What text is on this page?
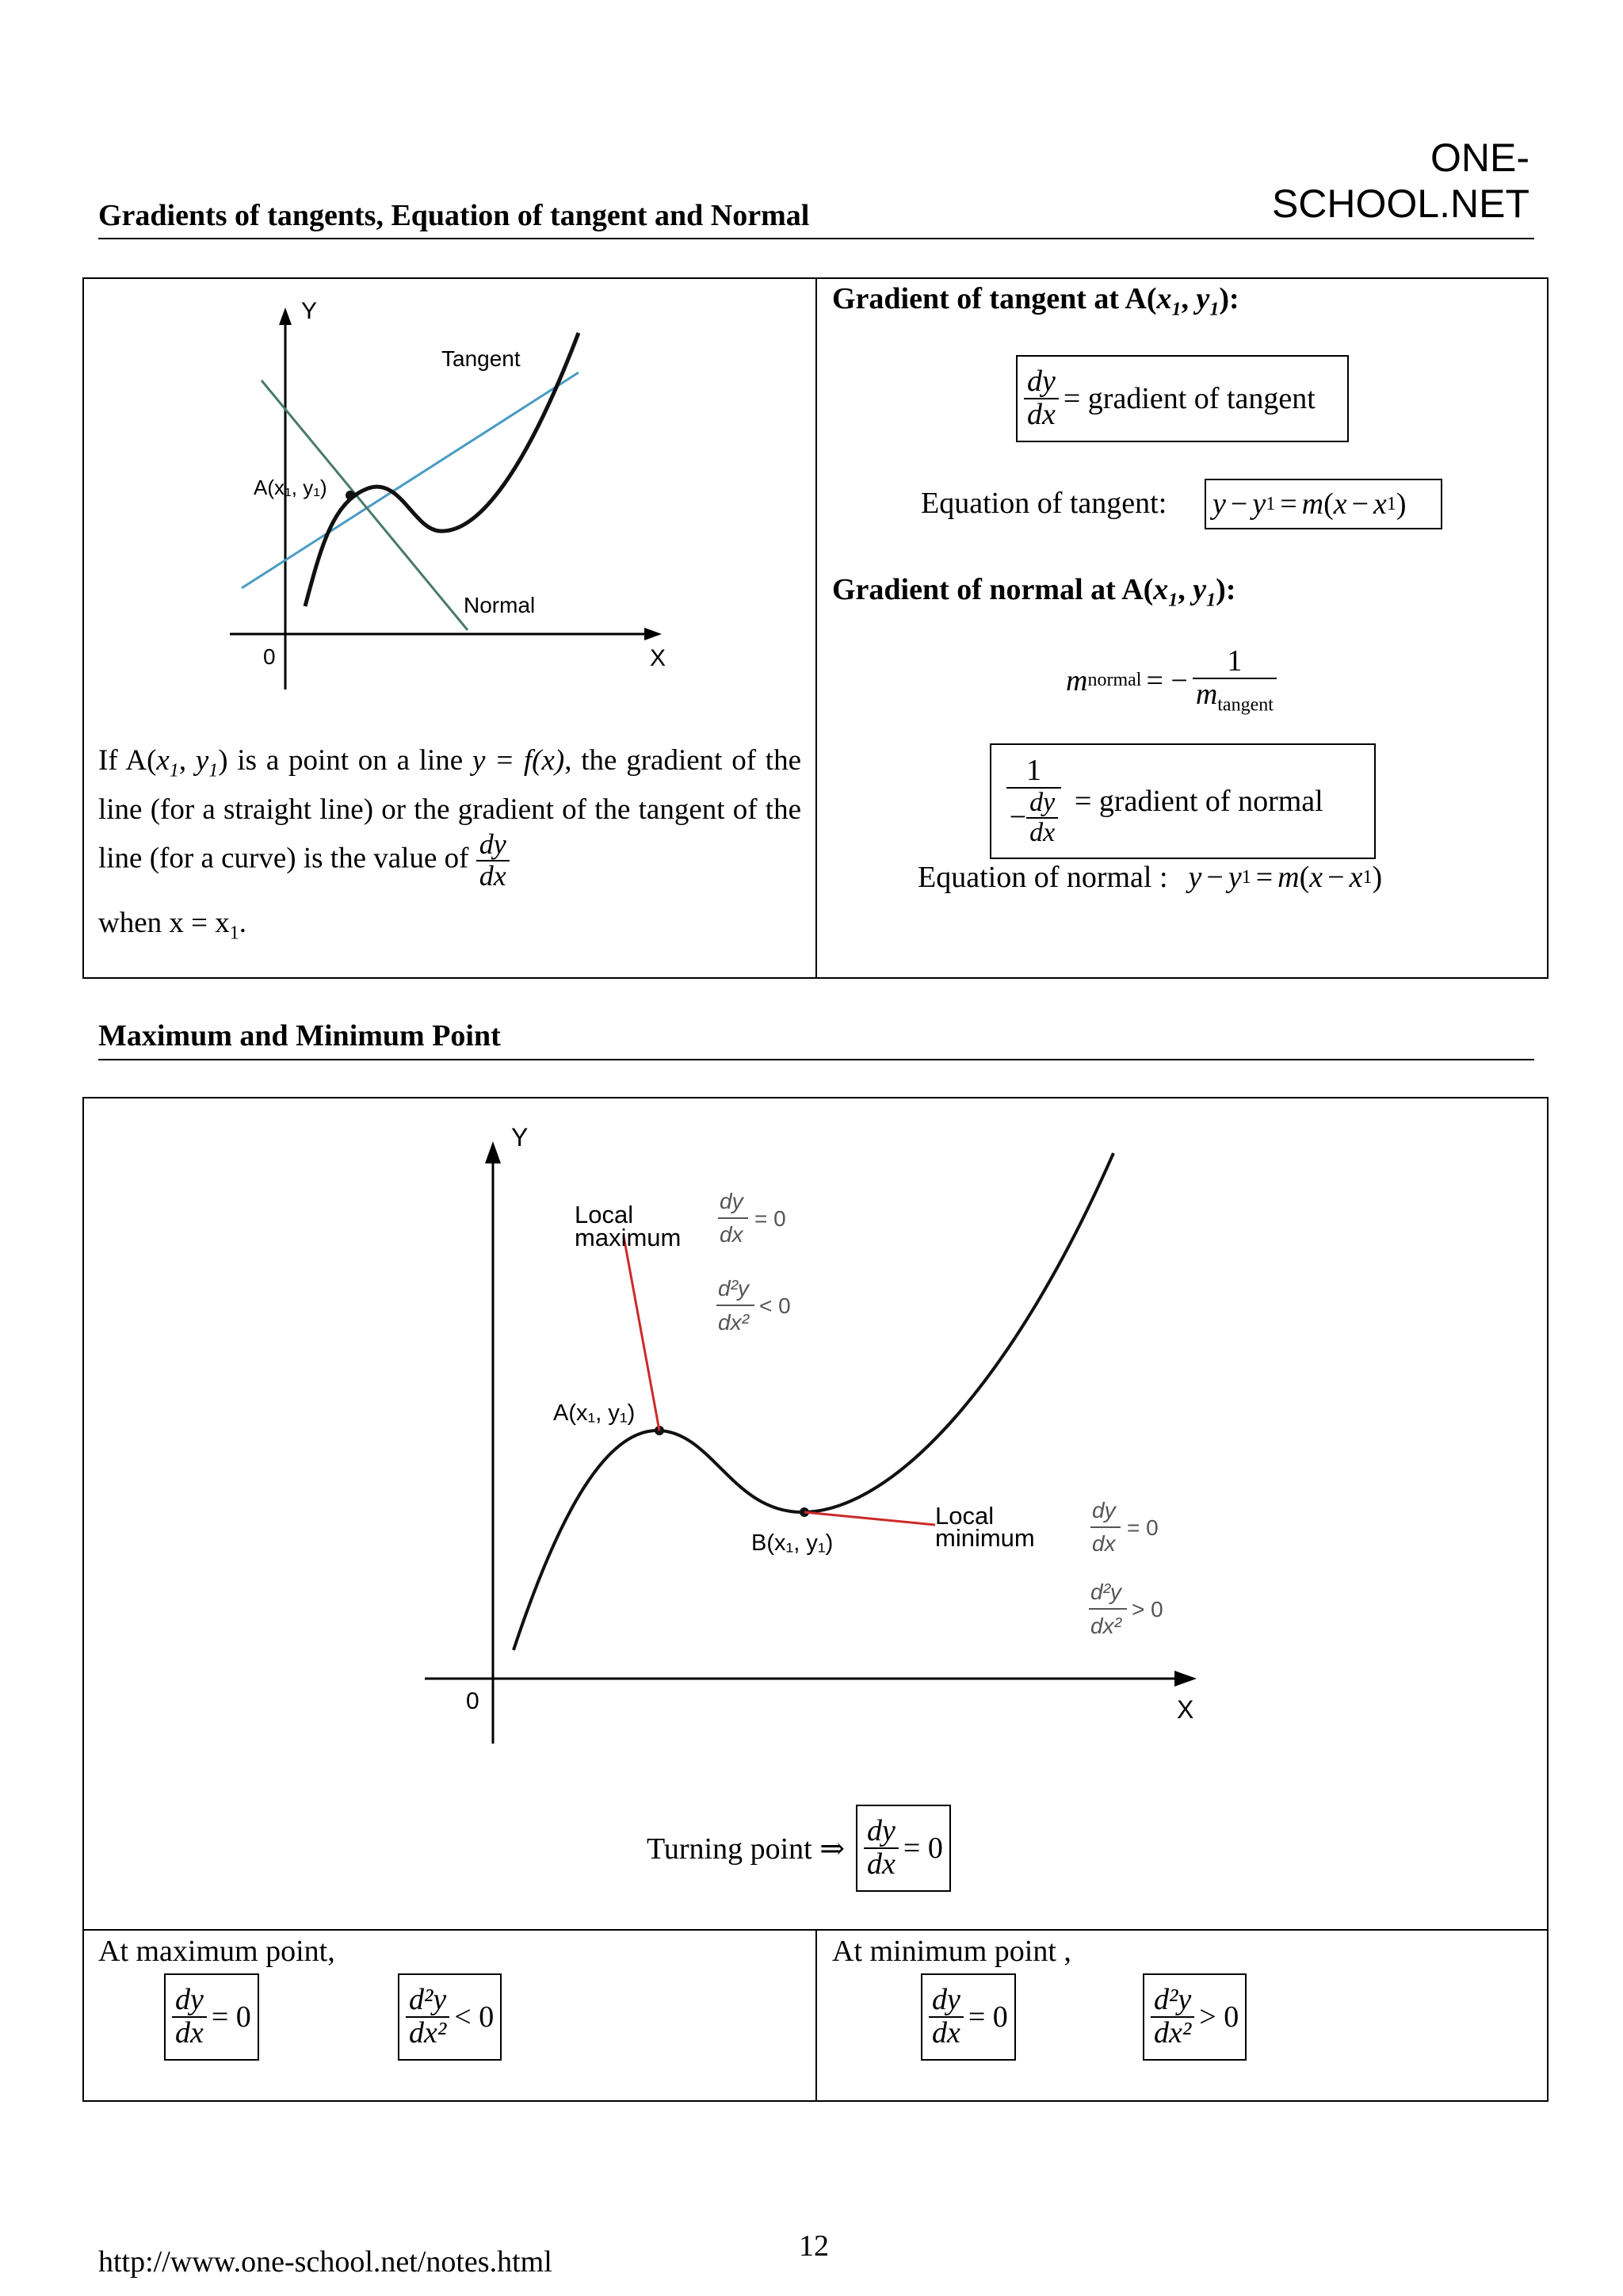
ONE-SCHOOL.NET
Gradients of tangents, Equation of tangent and Normal
Y
X
0
Tangent
Normal
A(x₁, y₁)
If $A(x_1$, $y_1$) is a point on a line y = f(x), the gradient of the line (for a straight line) or the gradient of the tangent of the line (for a curve) is the value of $\frac{dy}{dx}$
when $x = x_1$.
Gradient of tangent at $A(x_1$, $y_1$):
$\frac{dy}{dx}$ = gradient of tangent
Equation of tangent: y − y 1 = m ( x − x 1 )
Gradient of normal at $A(x_1$, $y_1$):
m normal = − $\frac{1}{m_{tangent}}$
$\frac{1}{- \frac{dy}{dx}}$ = gradient of normal
Equation of normal : y − y 1 = m ( x − x 1 )
Maximum and Minimum Point
Y
X
0
Local
maximum
Local
minimum
A(x₁, y₁)
B(x₁, y₁)
dy
dx
= 0
d²y
dx²
< 0
dy
dx
= 0
d²y
dx²
> 0
Turning point ⇒ $\frac{dy}{dx} = 0$
At maximum point,
$\frac{dy}{dx} = 0$	$\frac{\text{d²y}}{\text{dx²}} < 0$
At minimum point ,
$\frac{dy}{dx} = 0$	$\frac{\text{d²y}}{\text{dx²}} > 0$
http://www.one-school.net/notes.html	12
